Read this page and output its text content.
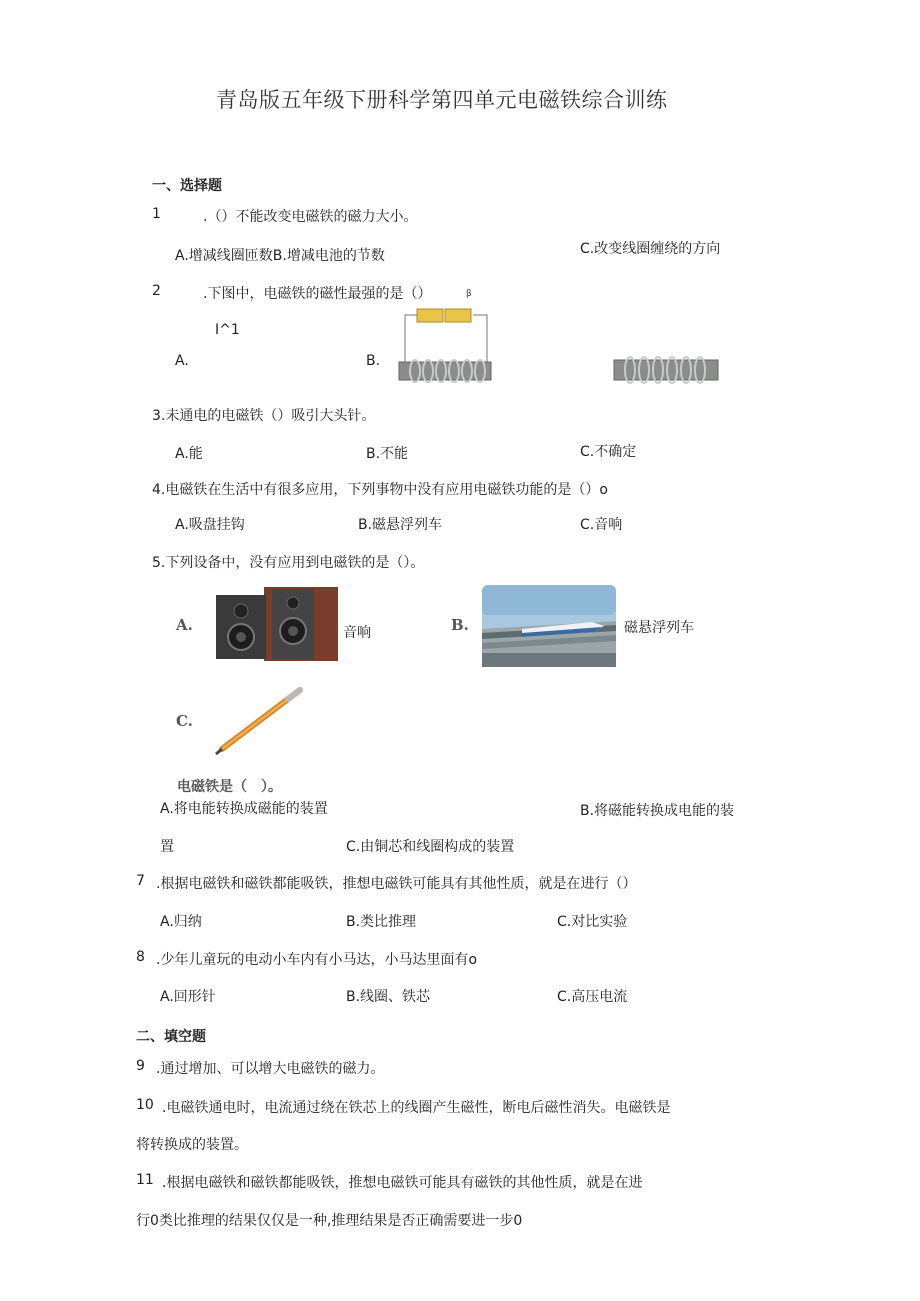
青岛版五年级下册科学第四单元电磁铁综合训练
一、选择题
1	.（）不能改变电磁铁的磁力大小。
A.增减线圈匝数B.增减电池的节数	C.改变线圈缠绕的方向
2	.下图中，电磁铁的磁性最强的是（）	β
I^1
A.	B.
3.未通电的电磁铁（）吸引大头针。
A.能	B.不能	C.不确定
4.电磁铁在生活中有很多应用，下列事物中没有应用电磁铁功能的是（）o
A.吸盘挂钩	B.磁悬浮列车	C.音响
5.下列设备中，没有应用到电磁铁的是（）。
A.	音响	B.	磁悬浮列车
C.
电磁铁是（　）。
A.将电能转换成磁能的装置	B.将磁能转换成电能的装
置	C.由铜芯和线圈构成的装置
7 .根据电磁铁和磁铁都能吸铁，推想电磁铁可能具有其他性质，就是在进行（）
A.归纳	B.类比推理	C.对比实验
8 .少年儿童玩的电动小车内有小马达，小马达里面有o
A.回形针	B.线圈、铁芯	C.高压电流
二、填空题
9 .通过增加、可以增大电磁铁的磁力。
10 .电磁铁通电时，电流通过绕在铁芯上的线圈产生磁性，断电后磁性消失。电磁铁是
将转换成的装置。
11 .根据电磁铁和磁铁都能吸铁，推想电磁铁可能具有磁铁的其他性质，就是在进
行0类比推理的结果仅仅是一种,推理结果是否正确需要进一步0
